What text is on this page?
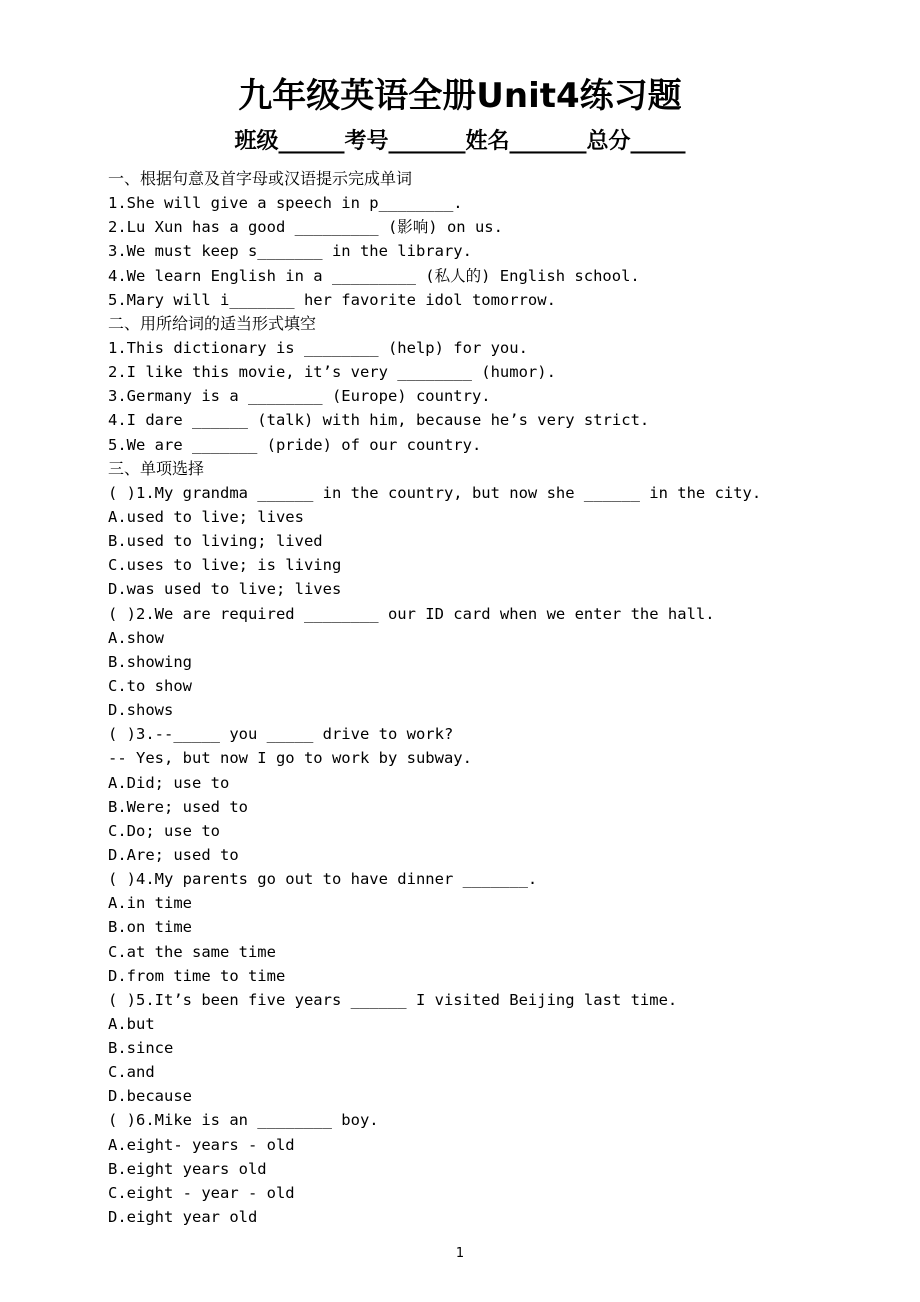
九年级英语全册Unit4练习题
班级______考号_______姓名_______总分_____
一、根据句意及首字母或汉语提示完成单词
1.She will give a speech in p________.
2.Lu Xun has a good _________ (影响) on us.
3.We must keep s_______ in the library.
4.We learn English in a _________ (私人的) English school.
5.Mary will i_______ her favorite idol tomorrow.
二、用所给词的适当形式填空
1.This dictionary is ________ (help) for you.
2.I like this movie, it’s very ________ (humor).
3.Germany is a ________ (Europe) country.
4.I dare ______ (talk) with him, because he’s very strict.
5.We are _______ (pride) of our country.
三、单项选择
( )1.My grandma ______ in the country, but now she ______ in the city.
A.used to live; lives
B.used to living; lived
C.uses to live; is living
D.was used to live; lives
( )2.We are required ________ our ID card when we enter the hall.
A.show
B.showing
C.to show
D.shows
( )3.--_____ you _____ drive to work?
-- Yes, but now I go to work by subway.
A.Did; use to
B.Were; used to
C.Do; use to
D.Are; used to
( )4.My parents go out to have dinner _______.
A.in time
B.on time
C.at the same time
D.from time to time
( )5.It’s been five years ______ I visited Beijing last time.
A.but
B.since
C.and
D.because
( )6.Mike is an ________ boy.
A.eight- years - old
B.eight years old
C.eight - year - old
D.eight year old
1
